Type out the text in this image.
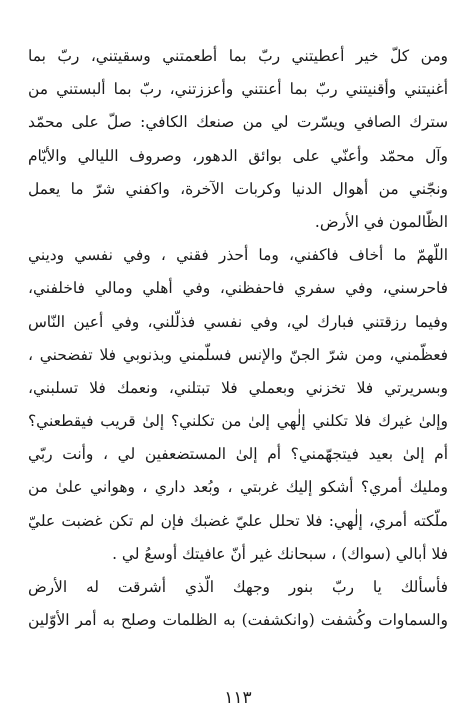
ومن كلّ خير أعطيتني ربّ بما أطعمتني وسقيتني، ربّ بما
أغنيتني وأقنيتني ربّ بما أعنتني وأعززتني، ربّ بما ألبستني من
سترك الصافي ويسّرت لي من صنعك الكافي: صلّ على محمّد
وآل محمّد وأعنّي على بوائق الدهور، وصروف الليالي والأيّام
ونجّني من أهوال الدنيا وكربات الآخرة، واكفني شرّ ما يعمل
الظّالمون في الأرض.
اللّهمّ ما أخاف فاكفني، وما أحذر فقني ، وفي نفسي وديني
فاحرسني، وفي سفري فاحفظني، وفي أهلي ومالي فاخلفني،
وفيما رزقتني فبارك لي، وفي نفسي فذلّلني، وفي أعين النّاس
فعظّمني، ومن شرّ الجنّ والإنس فسلّمني وبذنوبي فلا تفضحني ،
وبسريرتي فلا تخزني وبعملي فلا تبتلني، ونعمك فلا تسلبني،
وإلىٰ غيرك فلا تكلني إلٰهي إلىٰ من تكلني؟ إلىٰ قريب فيقطعني؟
أم إلىٰ بعيد فيتجهّمني؟ أم إلىٰ المستضعفين لي ، وأنت ربّي
ومليك أمري؟ أشكو إليك غربتي ، وبُعد داري ، وهواني علىٰ من
ملّكته أمري، إلٰهي: فلا تحلل عليّ غضبك فإن لم تكن غضبت عليّ
فلا أبالي (سواك) ، سبحانك غير أنّ عافيتك أوسعُ لي .
فأسألك يا ربّ بنور وجهك الّذي أشرقت له الأرض
والسماوات وكُشفت (وانكشفت) به الظلمات وصلح به أمر الأوّلين
١١٣
